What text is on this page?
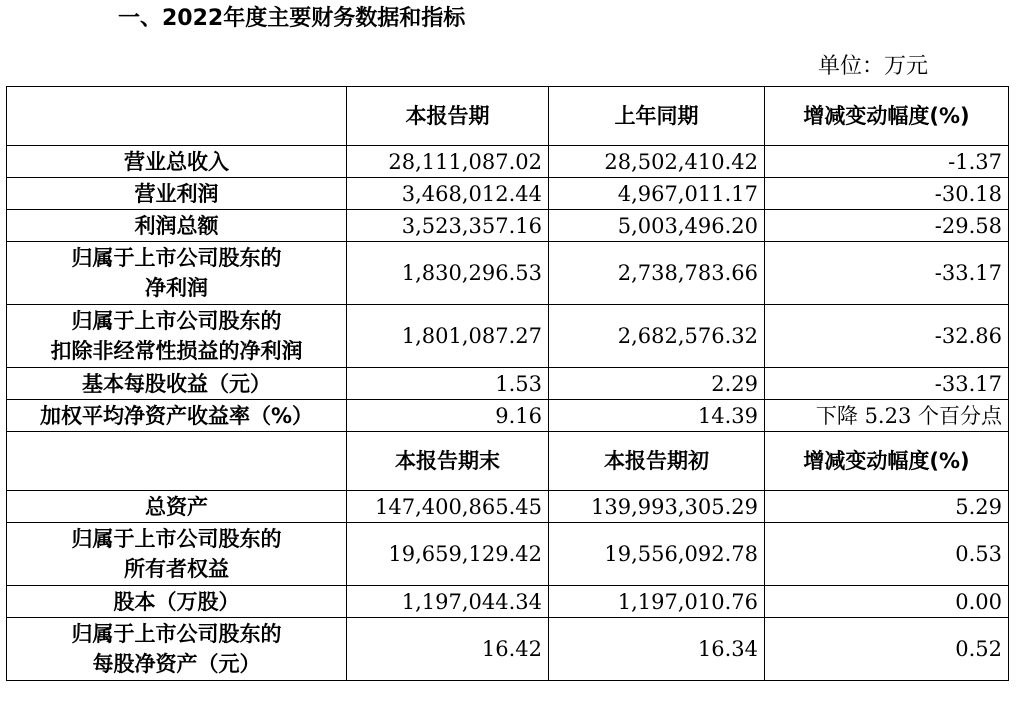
一、2022年度主要财务数据和指标
单位：万元
	本报告期	上年同期	增减变动幅度(%)

营业总收入	28,111,087.02	28,502,410.42	-1.37

营业利润	3,468,012.44	4,967,011.17	-30.18

利润总额	3,523,357.16	5,003,496.20	-29.58

归属于上市公司股东的
净利润	1,830,296.53	2,738,783.66	-33.17

归属于上市公司股东的
扣除非经常性损益的净利润	1,801,087.27	2,682,576.32	-32.86

基本每股收益（元）	1.53	2.29	-33.17

加权平均净资产收益率（%）	9.16	14.39	下降 5.23 个百分点
	本报告期末	本报告期初	增减变动幅度(%)

总资产	147,400,865.45	139,993,305.29	5.29

归属于上市公司股东的
所有者权益	19,659,129.42	19,556,092.78	0.53

股本（万股）	1,197,044.34	1,197,010.76	0.00

归属于上市公司股东的
每股净资产（元）	16.42	16.34	0.52
